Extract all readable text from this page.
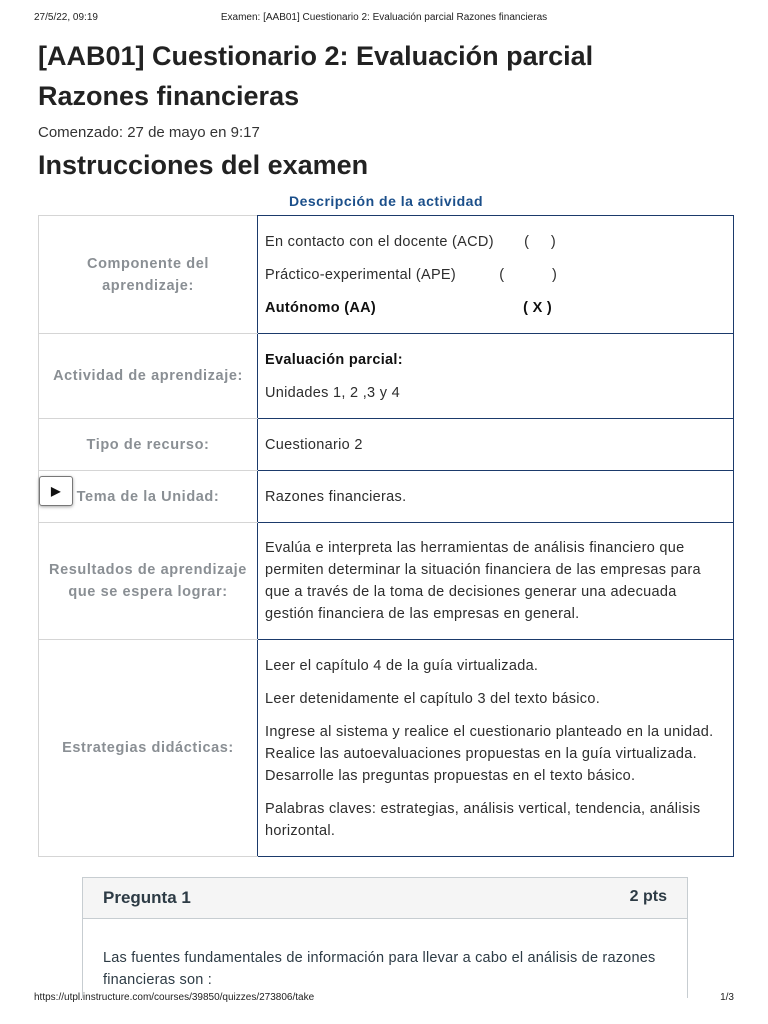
27/5/22, 09:19	Examen: [AAB01] Cuestionario 2: Evaluación parcial Razones financieras
[AAB01] Cuestionario 2: Evaluación parcial
Razones financieras
Comenzado: 27 de mayo en 9:17
Instrucciones del examen
Descripción de la actividad
Componente del aprendizaje:	En contacto con el docente (ACD)       (     )

Práctico-experimental (APE)          (           )

Autónomo (AA)                                  ( X )

Actividad de aprendizaje:	Evaluación parcial:

Unidades 1, 2 ,3 y 4

Tipo de recurso:	Cuestionario 2

▶ Tema de la Unidad:	Razones financieras.

Resultados de aprendizaje que se espera lograr:	Evalúa e interpreta las herramientas de análisis financiero que permiten determinar la situación financiera de las empresas para que a través de la toma de decisiones generar una adecuada gestión financiera de las empresas en general.

Estrategias didácticas:	Leer el capítulo 4 de la guía virtualizada.

Leer detenidamente el capítulo 3 del texto básico.

Ingrese al sistema y realice el cuestionario planteado en la unidad. Realice las autoevaluaciones propuestas en la guía virtualizada. Desarrolle las preguntas propuestas en el texto básico.

Palabras claves: estrategias, análisis vertical, tendencia, análisis horizontal.

Pregunta 1	2 pts
Las fuentes fundamentales de información para llevar a cabo el análisis de razones financieras son :
https://utpl.instructure.com/courses/39850/quizzes/273806/take	1/3
